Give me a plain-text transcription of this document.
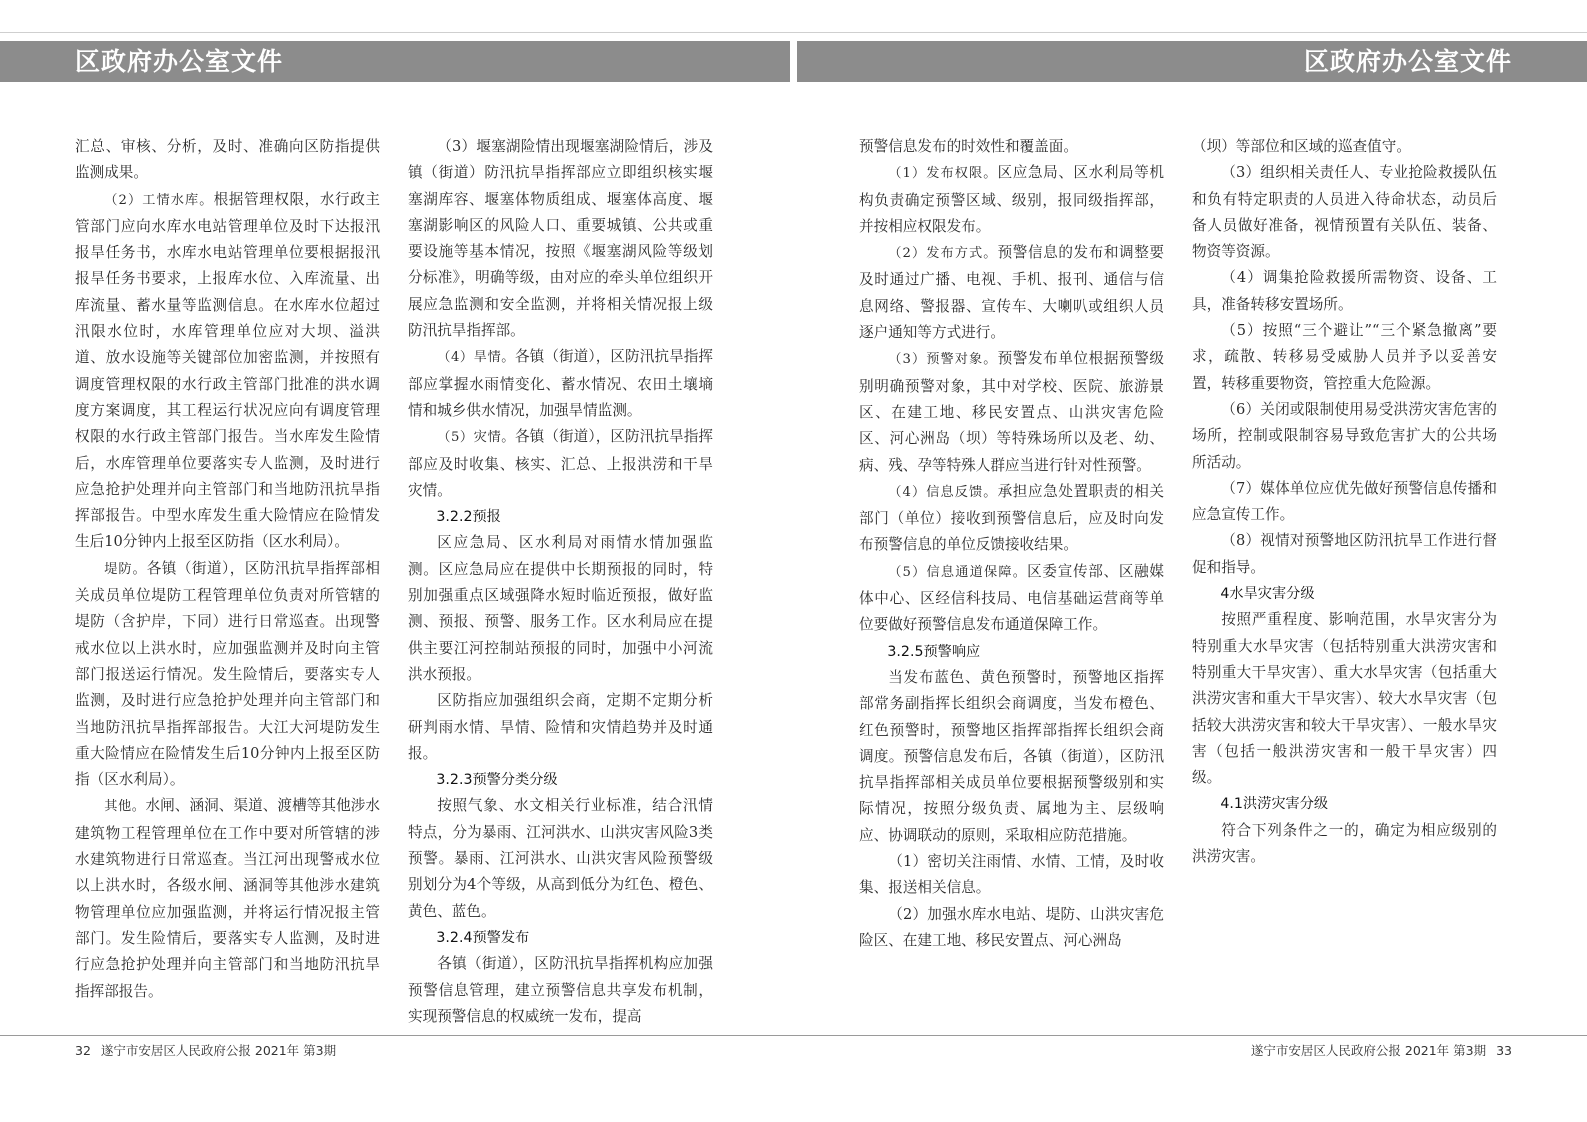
区政府办公室文件	区政府办公室文件

汇总、审核、分析，及时、准确向区防指提供监测成果。

（2）工情水库。根据管理权限，水行政主管部门应向水库水电站管理单位及时下达报汛报旱任务书，水库水电站管理单位要根据报汛报旱任务书要求，上报库水位、入库流量、出库流量、蓄水量等监测信息。在水库水位超过汛限水位时，水库管理单位应对大坝、溢洪道、放水设施等关键部位加密监测，并按照有调度管理权限的水行政主管部门批准的洪水调度方案调度，其工程运行状况应向有调度管理权限的水行政主管部门报告。当水库发生险情后，水库管理单位要落实专人监测，及时进行应急抢护处理并向主管部门和当地防汛抗旱指挥部报告。中型水库发生重大险情应在险情发生后10分钟内上报至区防指（区水利局）。

堤防。各镇（街道），区防汛抗旱指挥部相关成员单位堤防工程管理单位负责对所管辖的堤防（含护岸，下同）进行日常巡查。出现警戒水位以上洪水时，应加强监测并及时向主管部门报送运行情况。发生险情后，要落实专人监测，及时进行应急抢护处理并向主管部门和当地防汛抗旱指挥部报告。大江大河堤防发生重大险情应在险情发生后10分钟内上报至区防指（区水利局）。

其他。水闸、涵洞、渠道、渡槽等其他涉水建筑物工程管理单位在工作中要对所管辖的涉水建筑物进行日常巡查。当江河出现警戒水位以上洪水时，各级水闸、涵洞等其他涉水建筑物管理单位应加强监测，并将运行情况报主管部门。发生险情后，要落实专人监测，及时进行应急抢护处理并向主管部门和当地防汛抗旱指挥部报告。

（3）堰塞湖险情出现堰塞湖险情后，涉及镇（街道）防汛抗旱指挥部应立即组织核实堰塞湖库容、堰塞体物质组成、堰塞体高度、堰塞湖影响区的风险人口、重要城镇、公共或重要设施等基本情况，按照《堰塞湖风险等级划分标准》，明确等级，由对应的牵头单位组织开展应急监测和安全监测，并将相关情况报上级防汛抗旱指挥部。

（4）旱情。各镇（街道），区防汛抗旱指挥部应掌握水雨情变化、蓄水情况、农田土壤墒情和城乡供水情况，加强旱情监测。

（5）灾情。各镇（街道），区防汛抗旱指挥部应及时收集、核实、汇总、上报洪涝和干旱灾情。

3.2.2预报

区应急局、区水利局对雨情水情加强监测。区应急局应在提供中长期预报的同时，特别加强重点区域强降水短时临近预报，做好监测、预报、预警、服务工作。区水利局应在提供主要江河控制站预报的同时，加强中小河流洪水预报。

区防指应加强组织会商，定期不定期分析研判雨水情、旱情、险情和灾情趋势并及时通报。

3.2.3预警分类分级

按照气象、水文相关行业标准，结合汛情特点，分为暴雨、江河洪水、山洪灾害风险3类预警。暴雨、江河洪水、山洪灾害风险预警级别划分为4个等级，从高到低分为红色、橙色、黄色、蓝色。

3.2.4预警发布

各镇（街道），区防汛抗旱指挥机构应加强预警信息管理，建立预警信息共享发布机制，实现预警信息的权威统一发布，提高

预警信息发布的时效性和覆盖面。

（1）发布权限。区应急局、区水利局等机构负责确定预警区域、级别，报同级指挥部，并按相应权限发布。

（2）发布方式。预警信息的发布和调整要及时通过广播、电视、手机、报刊、通信与信息网络、警报器、宣传车、大喇叭或组织人员逐户通知等方式进行。

（3）预警对象。预警发布单位根据预警级别明确预警对象，其中对学校、医院、旅游景区、在建工地、移民安置点、山洪灾害危险区、河心洲岛（坝）等特殊场所以及老、幼、病、残、孕等特殊人群应当进行针对性预警。

（4）信息反馈。承担应急处置职责的相关部门（单位）接收到预警信息后，应及时向发布预警信息的单位反馈接收结果。

（5）信息通道保障。区委宣传部、区融媒体中心、区经信科技局、电信基础运营商等单位要做好预警信息发布通道保障工作。

3.2.5预警响应

当发布蓝色、黄色预警时，预警地区指挥部常务副指挥长组织会商调度，当发布橙色、红色预警时，预警地区指挥部指挥长组织会商调度。预警信息发布后，各镇（街道），区防汛抗旱指挥部相关成员单位要根据预警级别和实际情况，按照分级负责、属地为主、层级响应、协调联动的原则，采取相应防范措施。

（1）密切关注雨情、水情、工情，及时收集、报送相关信息。

（2）加强水库水电站、堤防、山洪灾害危险区、在建工地、移民安置点、河心洲岛

（坝）等部位和区域的巡查值守。

（3）组织相关责任人、专业抢险救援队伍和负有特定职责的人员进入待命状态，动员后备人员做好准备，视情预置有关队伍、装备、物资等资源。

（4）调集抢险救援所需物资、设备、工具，准备转移安置场所。

（5）按照“三个避让”“三个紧急撤离”要求，疏散、转移易受威胁人员并予以妥善安置，转移重要物资，管控重大危险源。

（6）关闭或限制使用易受洪涝灾害危害的场所，控制或限制容易导致危害扩大的公共场所活动。

（7）媒体单位应优先做好预警信息传播和应急宣传工作。

（8）视情对预警地区防汛抗旱工作进行督促和指导。

4水旱灾害分级

按照严重程度、影响范围，水旱灾害分为特别重大水旱灾害（包括特别重大洪涝灾害和特别重大干旱灾害）、重大水旱灾害（包括重大洪涝灾害和重大干旱灾害）、较大水旱灾害（包括较大洪涝灾害和较大干旱灾害）、一般水旱灾害（包括一般洪涝灾害和一般干旱灾害）四级。

4.1洪涝灾害分级

符合下列条件之一的，确定为相应级别的洪涝灾害。

32 遂宁市安居区人民政府公报 2021年 第3期	遂宁市安居区人民政府公报 2021年 第3期 33
